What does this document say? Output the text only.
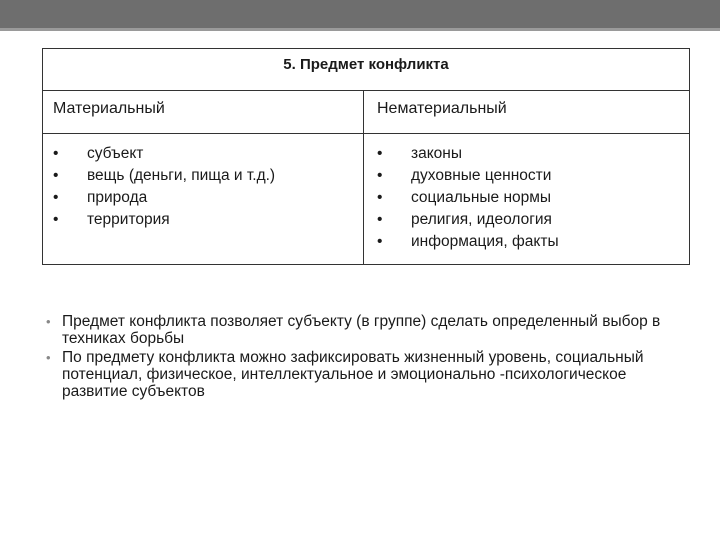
5. Предмет конфликта
Материальный	Нематериальный
• субъект
• вещь (деньги, пища и т.д.)
• природа
• территория
• законы
• духовные ценности
• социальные нормы
• религия, идеология
• информация, факты
• Предмет конфликта позволяет субъекту (в группе) сделать определенный выбор в техниках борьбы
• По предмету конфликта можно зафиксировать жизненный уровень, социальный потенциал, физическое, интеллектуальное и эмоционально -психологическое развитие субъектов
